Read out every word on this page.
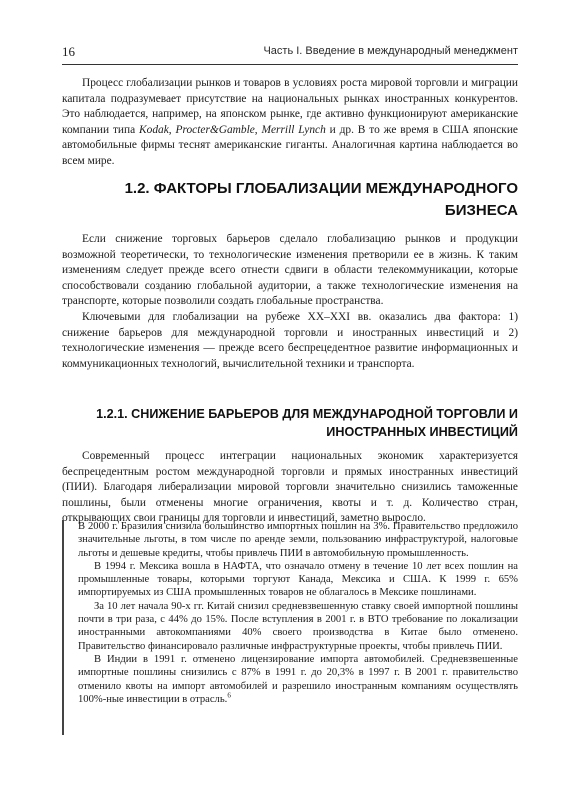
16	Часть I. Введение в международный менеджмент

Процесс глобализации рынков и товаров в условиях роста мировой торговли и миграции капитала подразумевает присутствие на национальных рынках иностранных конкурентов. Это наблюдается, например, на японском рынке, где активно функционируют американские компании типа Kodak, Procter&Gamble, Merrill Lynch и др. В то же время в США японские автомобильные фирмы теснят американские гиганты. Аналогичная картина наблюдается во всем мире.

1.2. ФАКТОРЫ ГЛОБАЛИЗАЦИИ МЕЖДУНАРОДНОГО БИЗНЕСА

Если снижение торговых барьеров сделало глобализацию рынков и продукции возможной теоретически, то технологические изменения претворили ее в жизнь. К таким изменениям следует прежде всего отнести сдвиги в области телекоммуникации, которые способствовали созданию глобальной аудитории, а также технологические изменения на транспорте, которые позволили создать глобальные пространства.

Ключевыми для глобализации на рубеже XX–XXI вв. оказались два фактора: 1) снижение барьеров для международной торговли и иностранных инвестиций и 2) технологические изменения — прежде всего беспрецедентное развитие информационных и коммуникационных технологий, вычислительной техники и транспорта.

1.2.1. СНИЖЕНИЕ БАРЬЕРОВ ДЛЯ МЕЖДУНАРОДНОЙ ТОРГОВЛИ И ИНОСТРАННЫХ ИНВЕСТИЦИЙ

Современный процесс интеграции национальных экономик характеризуется беспрецедентным ростом международной торговли и прямых иностранных инвестиций (ПИИ). Благодаря либерализации мировой торговли значительно снизились таможенные пошлины, были отменены многие ограничения, квоты и т. д. Количество стран, открывающих свои границы для торговли и инвестиций, заметно выросло.

В 2000 г. Бразилия снизила большинство импортных пошлин на 3%. Правительство предложило значительные льготы, в том числе по аренде земли, пользованию инфраструктурой, налоговые льготы и дешевые кредиты, чтобы привлечь ПИИ в автомобильную промышленность.

В 1994 г. Мексика вошла в НАФТА, что означало отмену в течение 10 лет всех пошлин на промышленные товары, которыми торгуют Канада, Мексика и США. К 1999 г. 65% импортируемых из США промышленных товаров не облагалось в Мексике пошлинами.

За 10 лет начала 90-х гг. Китай снизил средневзвешенную ставку своей импортной пошлины почти в три раза, с 44% до 15%. После вступления в 2001 г. в ВТО требование по локализации иностранными автокомпаниями 40% своего производства в Китае было отменено. Правительство финансировало различные инфраструктурные проекты, чтобы привлечь ПИИ.

В Индии в 1991 г. отменено лицензирование импорта автомобилей. Средневзвешенные импортные пошлины снизились с 87% в 1991 г. до 20,3% в 1997 г. В 2001 г. правительство отменило квоты на импорт автомобилей и разрешило иностранным компаниям осуществлять 100%-ные инвестиции в отрасль.$^6$
